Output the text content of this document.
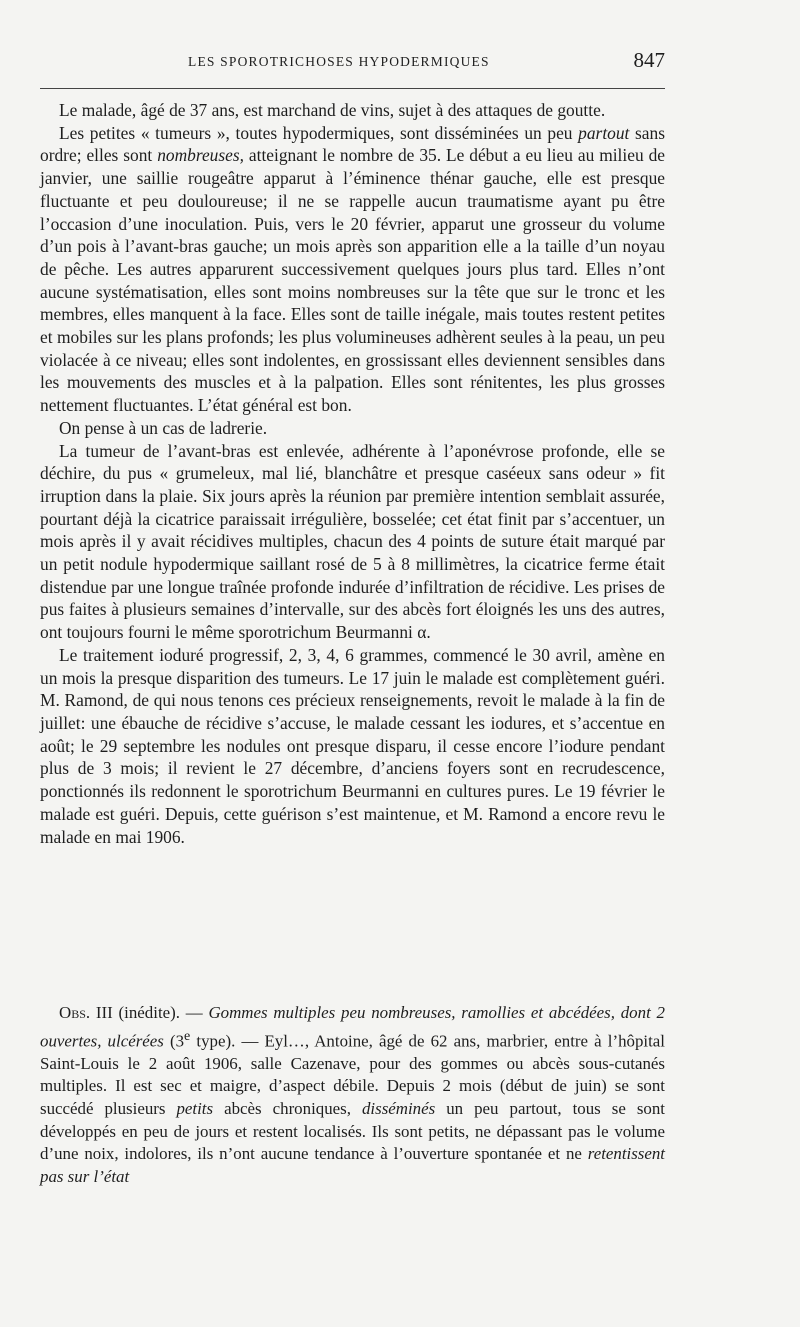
LES SPOROTRICHOSES HYPODERMIQUES	847

Le malade, âgé de 37 ans, est marchand de vins, sujet à des attaques de goutte.

Les petites « tumeurs », toutes hypodermiques, sont disséminées un peu partout sans ordre; elles sont nombreuses, atteignant le nombre de 35. Le début a eu lieu au milieu de janvier, une saillie rougeâtre apparut à l’éminence thénar gauche, elle est presque fluctuante et peu douloureuse; il ne se rappelle aucun traumatisme ayant pu être l’occasion d’une inoculation. Puis, vers le 20 février, apparut une grosseur du volume d’un pois à l’avant-bras gauche; un mois après son apparition elle a la taille d’un noyau de pêche. Les autres apparurent successivement quelques jours plus tard. Elles n’ont aucune systématisation, elles sont moins nombreuses sur la tête que sur le tronc et les membres, elles manquent à la face. Elles sont de taille inégale, mais toutes restent petites et mobiles sur les plans profonds; les plus volumineuses adhèrent seules à la peau, un peu violacée à ce niveau; elles sont indolentes, en grossissant elles deviennent sensibles dans les mouvements des muscles et à la palpation. Elles sont rénitentes, les plus grosses nettement fluctuantes. L’état général est bon.

On pense à un cas de ladrerie.

La tumeur de l’avant-bras est enlevée, adhérente à l’aponévrose profonde, elle se déchire, du pus « grumeleux, mal lié, blanchâtre et presque caséeux sans odeur » fit irruption dans la plaie. Six jours après la réunion par première intention semblait assurée, pourtant déjà la cicatrice paraissait irrégulière, bosselée; cet état finit par s’accentuer, un mois après il y avait récidives multiples, chacun des 4 points de suture était marqué par un petit nodule hypodermique saillant rosé de 5 à 8 millimètres, la cicatrice ferme était distendue par une longue traînée profonde indurée d’infiltration de récidive. Les prises de pus faites à plusieurs semaines d’intervalle, sur des abcès fort éloignés les uns des autres, ont toujours fourni le même sporotrichum Beurmanni α.

Le traitement ioduré progressif, 2, 3, 4, 6 grammes, commencé le 30 avril, amène en un mois la presque disparition des tumeurs. Le 17 juin le malade est complètement guéri. M. Ramond, de qui nous tenons ces précieux renseignements, revoit le malade à la fin de juillet: une ébauche de récidive s’accuse, le malade cessant les iodures, et s’accentue en août; le 29 septembre les nodules ont presque disparu, il cesse encore l’iodure pendant plus de 3 mois; il revient le 27 décembre, d’anciens foyers sont en recrudescence, ponctionnés ils redonnent le sporotrichum Beurmanni en cultures pures. Le 19 février le malade est guéri. Depuis, cette guérison s’est maintenue, et M. Ramond a encore revu le malade en mai 1906.

Obs. III (inédite). — Gommes multiples peu nombreuses, ramollies et abcédées, dont 2 ouvertes, ulcérées (3e type). — Eyl…, Antoine, âgé de 62 ans, marbrier, entre à l’hôpital Saint-Louis le 2 août 1906, salle Cazenave, pour des gommes ou abcès sous-cutanés multiples. Il est sec et maigre, d’aspect débile. Depuis 2 mois (début de juin) se sont succédé plusieurs petits abcès chroniques, disséminés un peu partout, tous se sont développés en peu de jours et restent localisés. Ils sont petits, ne dépassant pas le volume d’une noix, indolores, ils n’ont aucune tendance à l’ouverture spontanée et ne retentissent pas sur l’état
